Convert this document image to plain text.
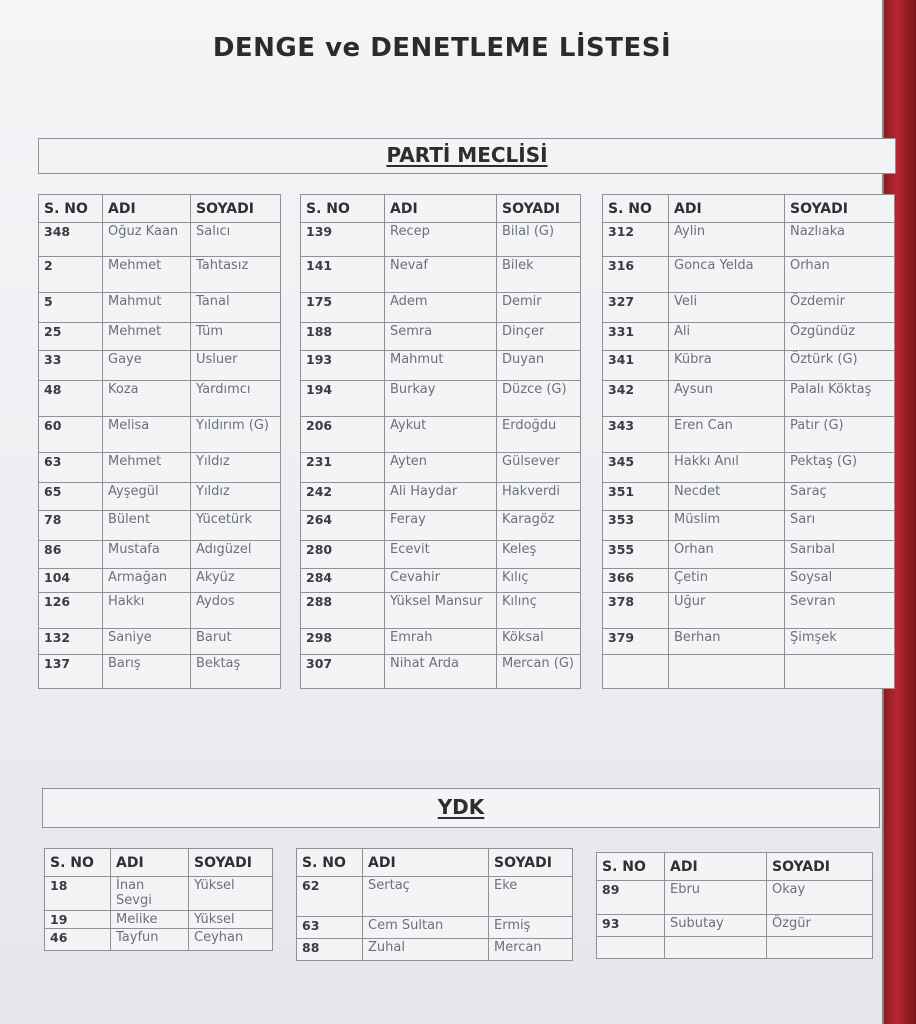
DENGE ve DENETLEME LİSTESİ
PARTİ MECLİSİ
S. NO	ADI	SOYADI
348	Oğuz Kaan	Salıcı
2	Mehmet	Tahtasız
5	Mahmut	Tanal
25	Mehmet	Tüm
33	Gaye	Usluer
48	Koza	Yardımcı
60	Melisa	Yıldırım (G)
63	Mehmet	Yıldız
65	Ayşegül	Yıldız
78	Bülent	Yücetürk
86	Mustafa	Adıgüzel
104	Armağan	Akyüz
126	Hakkı	Aydos
132	Saniye	Barut
137	Barış	Bektaş
S. NO	ADI	SOYADI
139	Recep	Bilal (G)
141	Nevaf	Bilek
175	Adem	Demir
188	Semra	Dinçer
193	Mahmut	Duyan
194	Burkay	Düzce (G)
206	Aykut	Erdoğdu
231	Ayten	Gülsever
242	Ali Haydar	Hakverdi
264	Feray	Karagöz
280	Ecevit	Keleş
284	Cevahir	Kılıç
288	Yüksel Mansur	Kılınç
298	Emrah	Köksal
307	Nihat Arda	Mercan (G)
S. NO	ADI	SOYADI
312	Aylin	Nazlıaka
316	Gonca Yelda	Orhan
327	Veli	Özdemir
331	Ali	Özgündüz
341	Kübra	Öztürk (G)
342	Aysun	Palalı Köktaş
343	Eren Can	Patır (G)
345	Hakkı Anıl	Pektaş (G)
351	Necdet	Saraç
353	Müslim	Sarı
355	Orhan	Sarıbal
366	Çetin	Soysal
378	Uğur	Sevran
379	Berhan	Şimşek

YDK
S. NO	ADI	SOYADI
18	İnan Sevgi	Yüksel
19	Melike	Yüksel
46	Tayfun	Ceyhan
S. NO	ADI	SOYADI
62	Sertaç	Eke
63	Cem Sultan	Ermiş
88	Zuhal	Mercan
S. NO	ADI	SOYADI
89	Ebru	Okay
93	Subutay	Özgür
